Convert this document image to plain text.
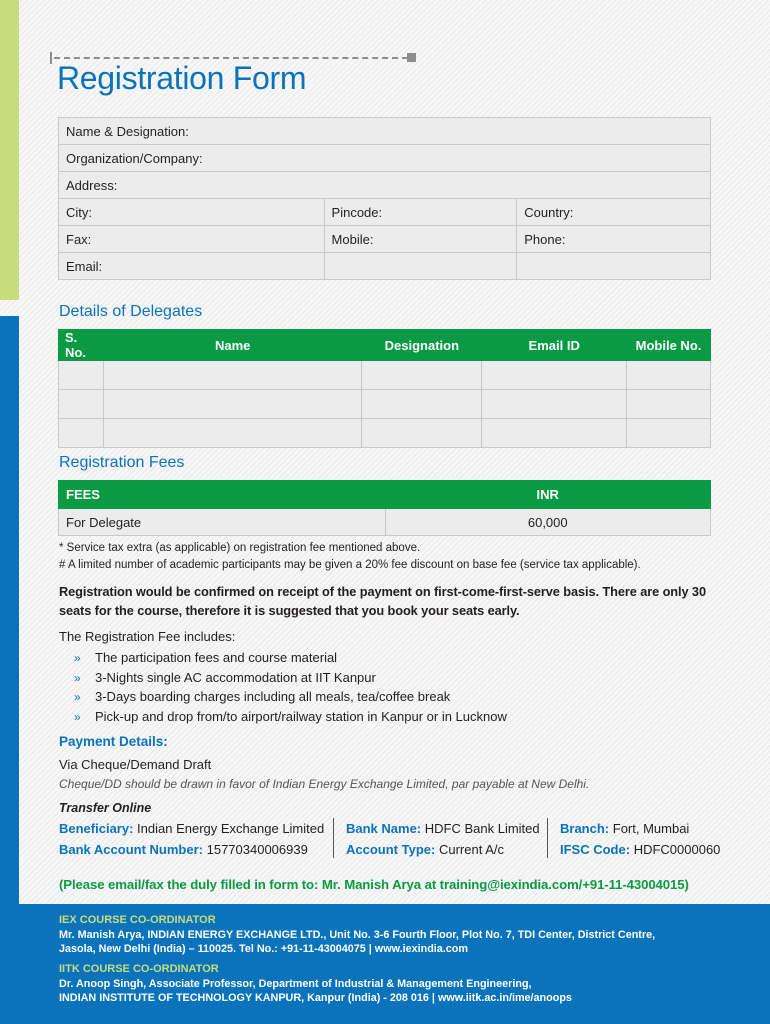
Registration Form
Name & Designation:		
Organization/Company:		
Address:		
City:	Pincode:	Country:
Fax:	Mobile:	Phone:
Email:		
Details of Delegates
S. No.	Name	Designation	Email ID	Mobile No.

Registration Fees
FEES	INR
For Delegate	60,000
* Service tax extra (as applicable) on registration fee mentioned above.
# A limited number of academic participants may be given a 20% fee discount on base fee (service tax applicable).
Registration would be confirmed on receipt of the payment on first-come-first-serve basis. There are only 30 seats for the course, therefore it is suggested that you book your seats early.
The Registration Fee includes:
» The participation fees and course material
» 3-Nights single AC accommodation at IIT Kanpur
» 3-Days boarding charges including all meals, tea/coffee break
» Pick-up and drop from/to airport/railway station in Kanpur or in Lucknow
Payment Details:
Via Cheque/Demand Draft
Cheque/DD should be drawn in favor of Indian Energy Exchange Limited, par payable at New Delhi.
Transfer Online
Beneficiary: Indian Energy Exchange Limited Bank Name: HDFC Bank Limited Branch: Fort, Mumbai
Bank Account Number: 15770340006939	Account Type: Current A/c	IFSC Code: HDFC0000060
(Please email/fax the duly filled in form to: Mr. Manish Arya at training@iexindia.com/+91-11-43004015)
IEX COURSE CO-ORDINATOR
Mr. Manish Arya, INDIAN ENERGY EXCHANGE LTD., Unit No. 3-6 Fourth Floor, Plot No. 7, TDI Center, District Centre,
Jasola, New Delhi (India) – 110025. Tel No.: +91-11-43004075 | www.iexindia.com
IITK COURSE CO-ORDINATOR
Dr. Anoop Singh, Associate Professor, Department of Industrial & Management Engineering,
INDIAN INSTITUTE OF TECHNOLOGY KANPUR, Kanpur (India) - 208 016 | www.iitk.ac.in/ime/anoops
